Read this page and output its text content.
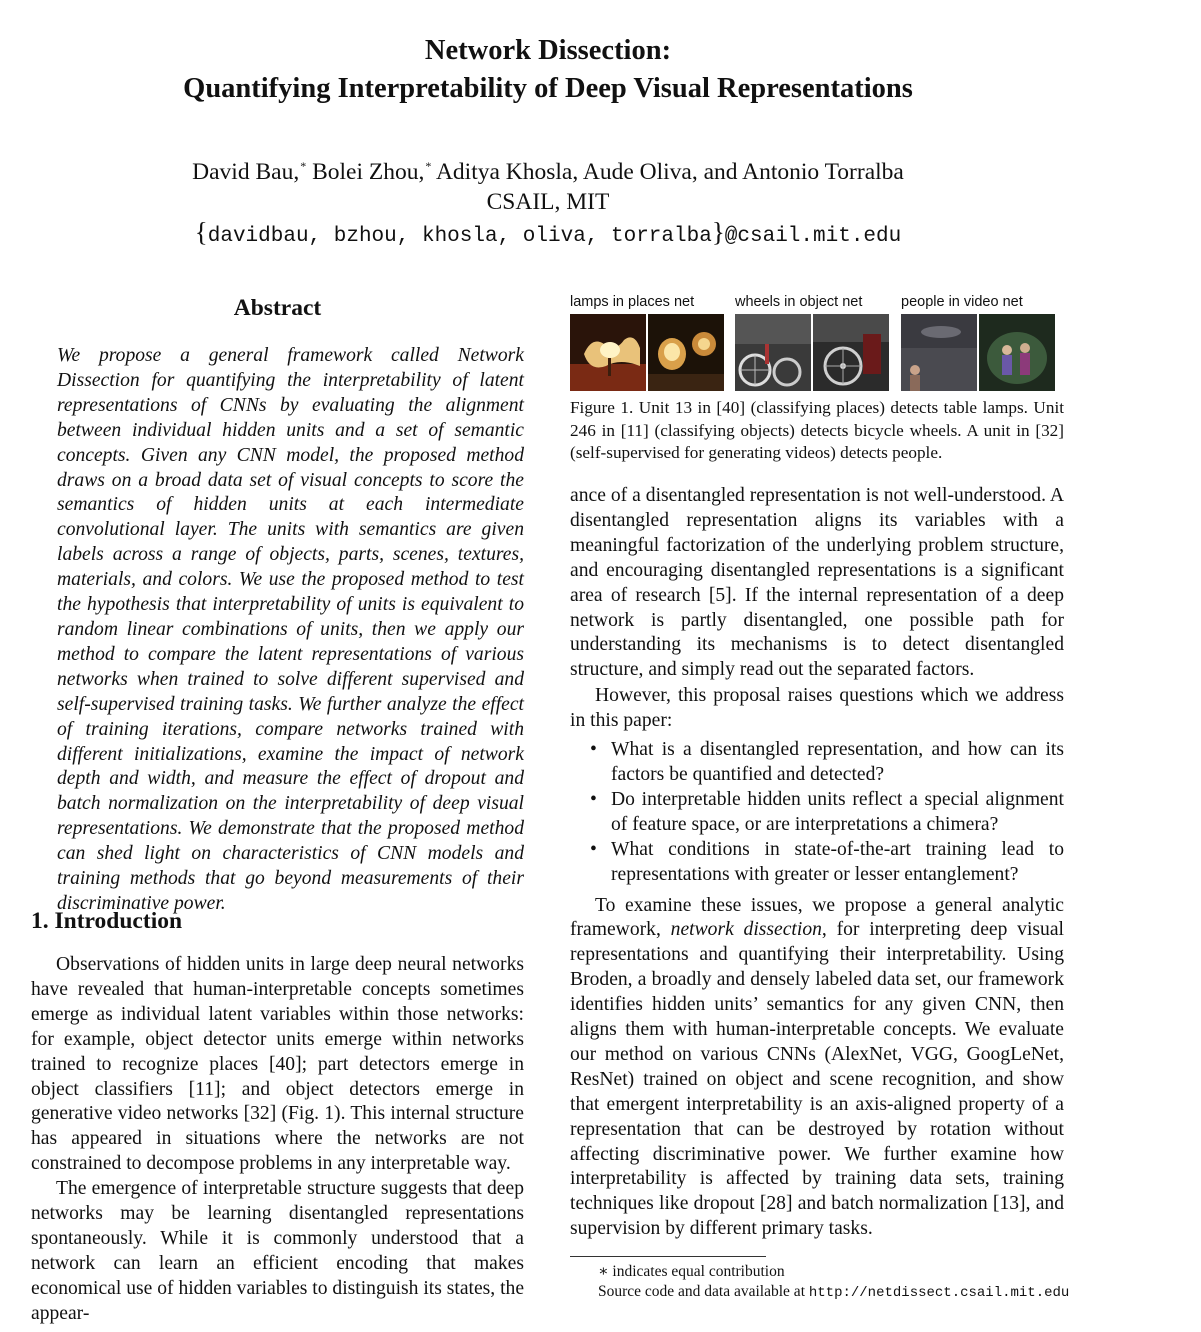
Network Dissection:
Quantifying Interpretability of Deep Visual Representations
David Bau,* Bolei Zhou,* Aditya Khosla, Aude Oliva, and Antonio Torralba
CSAIL, MIT
{davidbau, bzhou, khosla, oliva, torralba}@csail.mit.edu
Abstract

We propose a general framework called Network Dissection for quantifying the interpretability of latent representations of CNNs by evaluating the alignment between individual hidden units and a set of semantic concepts. Given any CNN model, the proposed method draws on a broad data set of visual concepts to score the semantics of hidden units at each intermediate convolutional layer. The units with semantics are given labels across a range of objects, parts, scenes, textures, materials, and colors. We use the proposed method to test the hypothesis that interpretability of units is equivalent to random linear combinations of units, then we apply our method to compare the latent representations of various networks when trained to solve different supervised and self-supervised training tasks. We further analyze the effect of training iterations, compare networks trained with different initializations, examine the impact of network depth and width, and measure the effect of dropout and batch normalization on the interpretability of deep visual representations. We demonstrate that the proposed method can shed light on characteristics of CNN models and training methods that go beyond measurements of their discriminative power.

1. Introduction

Observations of hidden units in large deep neural networks have revealed that human-interpretable concepts sometimes emerge as individual latent variables within those networks: for example, object detector units emerge within networks trained to recognize places [40]; part detectors emerge in object classifiers [11]; and object detectors emerge in generative video networks [32] (Fig. 1). This internal structure has appeared in situations where the networks are not constrained to decompose problems in any interpretable way.

The emergence of interpretable structure suggests that deep networks may be learning disentangled representations spontaneously. While it is commonly understood that a network can learn an efficient encoding that makes economical use of hidden variables to distinguish its states, the appear-

lamps in places net	wheels in object net	people in video net
Figure 1. Unit 13 in [40] (classifying places) detects table lamps. Unit 246 in [11] (classifying objects) detects bicycle wheels. A unit in [32] (self-supervised for generating videos) detects people.

ance of a disentangled representation is not well-understood. A disentangled representation aligns its variables with a meaningful factorization of the underlying problem structure, and encouraging disentangled representations is a significant area of research [5]. If the internal representation of a deep network is partly disentangled, one possible path for understanding its mechanisms is to detect disentangled structure, and simply read out the separated factors.

However, this proposal raises questions which we address in this paper:

• What is a disentangled representation, and how can its factors be quantified and detected?
• Do interpretable hidden units reflect a special alignment of feature space, or are interpretations a chimera?
• What conditions in state-of-the-art training lead to representations with greater or lesser entanglement?

To examine these issues, we propose a general analytic framework, network dissection, for interpreting deep visual representations and quantifying their interpretability. Using Broden, a broadly and densely labeled data set, our framework identifies hidden units’ semantics for any given CNN, then aligns them with human-interpretable concepts. We evaluate our method on various CNNs (AlexNet, VGG, GoogLeNet, ResNet) trained on object and scene recognition, and show that emergent interpretability is an axis-aligned property of a representation that can be destroyed by rotation without affecting discriminative power. We further examine how interpretability is affected by training data sets, training techniques like dropout [28] and batch normalization [13], and supervision by different primary tasks.

∗ indicates equal contribution
Source code and data available at http://netdissect.csail.mit.edu
